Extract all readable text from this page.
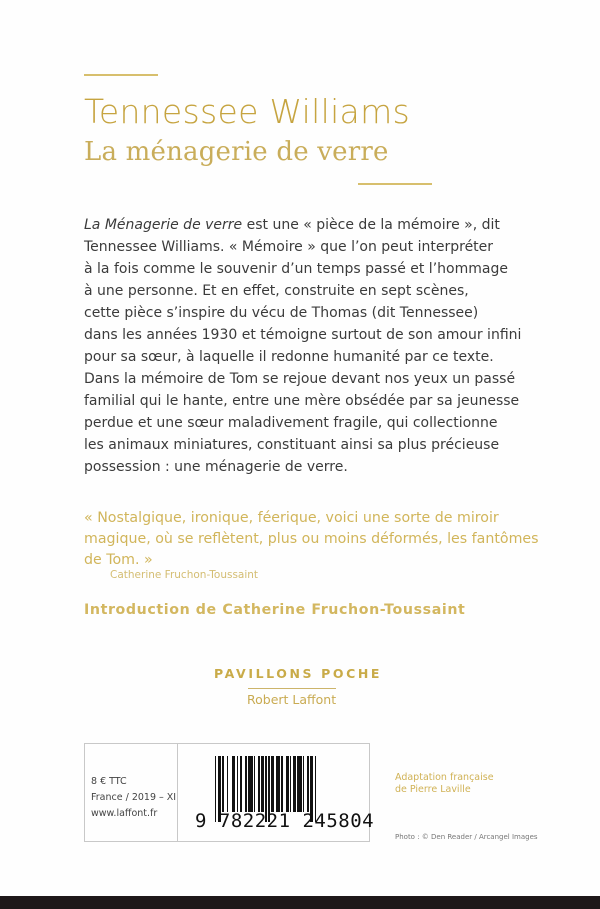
Tennessee Williams
La ménagerie de verre

La Ménagerie de verre est une « pièce de la mémoire », dit
Tennessee Williams. « Mémoire » que l’on peut interpréter
à la fois comme le souvenir d’un temps passé et l’hommage
à une personne. Et en effet, construite en sept scènes,
cette pièce s’inspire du vécu de Thomas (dit Tennessee)
dans les années 1930 et témoigne surtout de son amour infini
pour sa sœur, à laquelle il redonne humanité par ce texte.
Dans la mémoire de Tom se rejoue devant nos yeux un passé
familial qui le hante, entre une mère obsédée par sa jeunesse
perdue et une sœur maladivement fragile, qui collectionne
les animaux miniatures, constituant ainsi sa plus précieuse
possession : une ménagerie de verre.

« Nostalgique, ironique, féerique, voici une sorte de miroir
magique, où se reflètent, plus ou moins déformés, les fantômes
de Tom. »

Catherine Fruchon-Toussaint
Introduction de Catherine Fruchon-Toussaint
PAVILLONS POCHE
Robert Laffont
8 € TTC
France / 2019 – XI
www.laffont.fr	9 782221 245804
Adaptation française
de Pierre Laville
Photo : © Den Reader / Arcangel Images
